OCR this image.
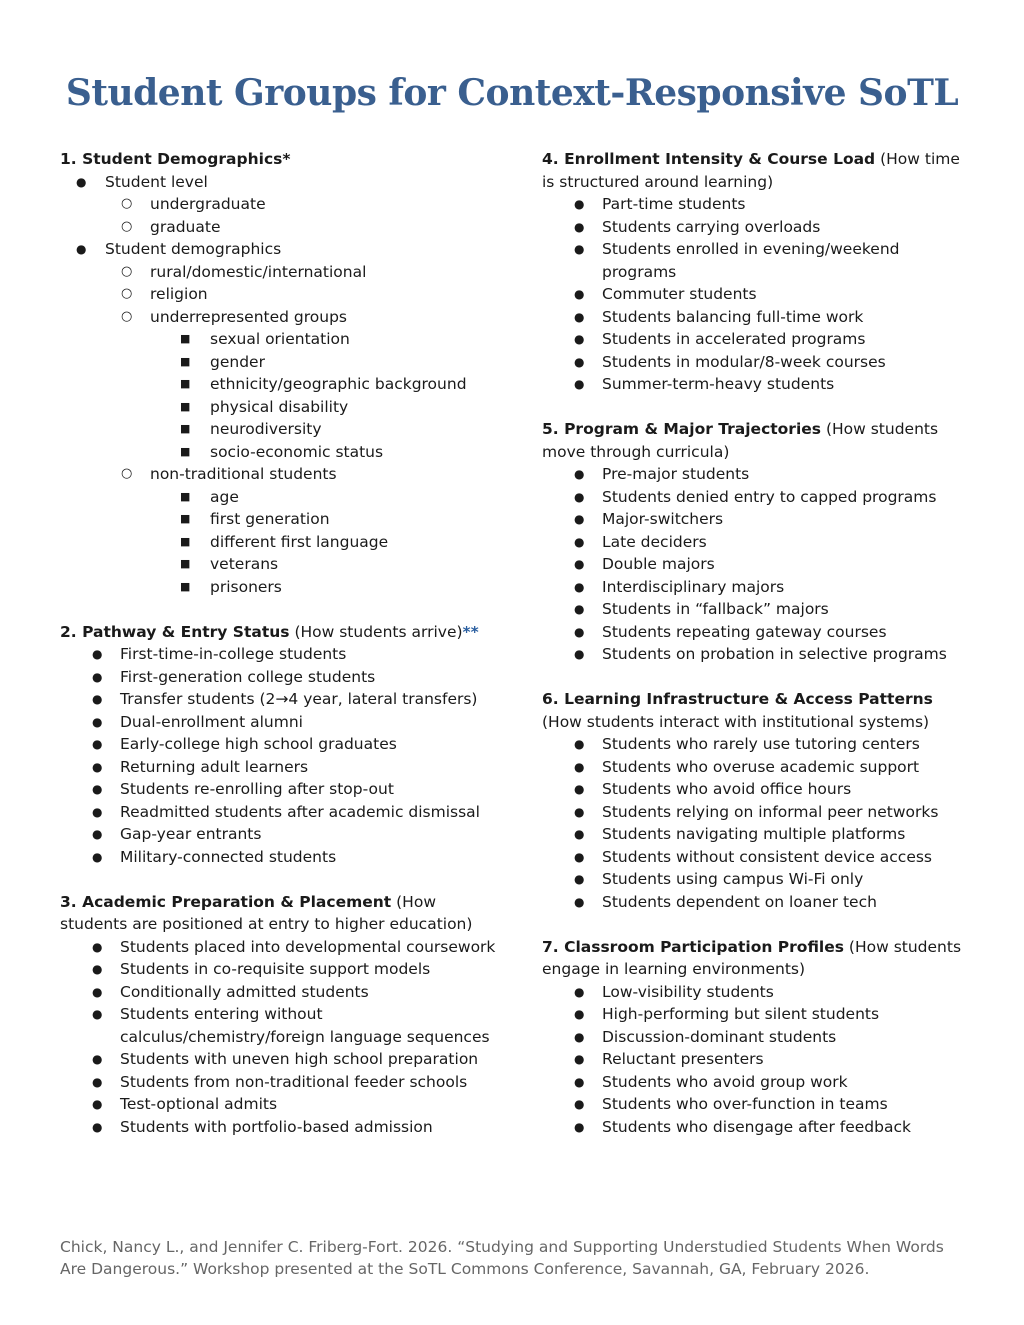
Student Groups for Context-Responsive SoTL

1. Student Demographics*

● Student level
○ undergraduate
○ graduate
● Student demographics
○ rural/domestic/international
○ religion
○ underrepresented groups
■ sexual orientation
■ gender
■ ethnicity/geographic background
■ physical disability
■ neurodiversity
■ socio-economic status
○ non-traditional students
■ age
■ first generation
■ different first language
■ veterans
■ prisoners

2. Pathway & Entry Status (How students arrive)**

● First-time-in-college students
● First-generation college students
● Transfer students (2→4 year, lateral transfers)
● Dual-enrollment alumni
● Early-college high school graduates
● Returning adult learners
● Students re-enrolling after stop-out
● Readmitted students after academic dismissal
● Gap-year entrants
● Military-connected students

3. Academic Preparation & Placement (How students are positioned at entry to higher education)

● Students placed into developmental coursework
● Students in co-requisite support models
● Conditionally admitted students
● Students entering without calculus/chemistry/foreign language sequences
● Students with uneven high school preparation
● Students from non-traditional feeder schools
● Test-optional admits
● Students with portfolio-based admission

4. Enrollment Intensity & Course Load (How time is structured around learning)

● Part-time students
● Students carrying overloads
● Students enrolled in evening/weekend programs
● Commuter students
● Students balancing full-time work
● Students in accelerated programs
● Students in modular/8-week courses
● Summer-term-heavy students

5. Program & Major Trajectories (How students move through curricula)

● Pre-major students
● Students denied entry to capped programs
● Major-switchers
● Late deciders
● Double majors
● Interdisciplinary majors
● Students in “fallback” majors
● Students repeating gateway courses
● Students on probation in selective programs

6. Learning Infrastructure & Access Patterns (How students interact with institutional systems)

● Students who rarely use tutoring centers
● Students who overuse academic support
● Students who avoid office hours
● Students relying on informal peer networks
● Students navigating multiple platforms
● Students without consistent device access
● Students using campus Wi-Fi only
● Students dependent on loaner tech

7. Classroom Participation Profiles (How students engage in learning environments)

● Low-visibility students
● High-performing but silent students
● Discussion-dominant students
● Reluctant presenters
● Students who avoid group work
● Students who over-function in teams
● Students who disengage after feedback

Chick, Nancy L., and Jennifer C. Friberg-Fort. 2026. “Studying and Supporting Understudied Students When Words Are Dangerous.” Workshop presented at the SoTL Commons Conference, Savannah, GA, February 2026.
